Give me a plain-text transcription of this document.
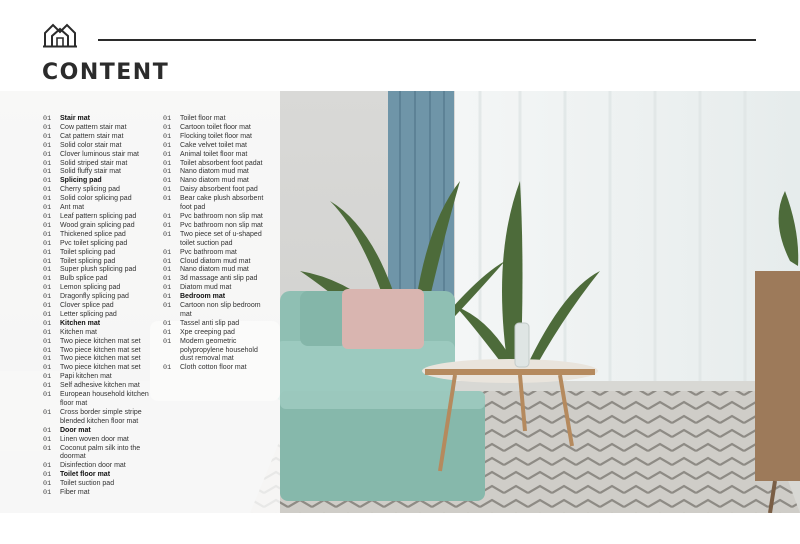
CONTENT
01	Stair mat
01	Cow pattern stair mat
01	Cat pattern stair mat
01	Solid color stair mat
01	Clover luminous stair mat
01	Solid striped stair mat
01	Solid fluffy stair mat
01	Splicing pad
01	Cherry splicing pad
01	Solid color splicing pad
01	Ant mat
01	Leaf pattern splicing pad
01	Wood grain splicing pad
01	Thickened splice pad
01	Pvc toilet splicing pad
01	Toilet splicing pad
01	Toilet splicing pad
01	Super plush splicing pad
01	Bulb splice pad
01	Lemon splicing pad
01	Dragonfly splicing pad
01	Clover splice pad
01	Letter splicing pad
01	Kitchen mat
01	Kitchen mat
01	Two piece kitchen mat set
01	Two piece kitchen mat set
01	Two piece kitchen mat set
01	Two piece kitchen mat set
01	Papi kitchen mat
01	Self adhesive kitchen mat
01	European household kitchen
floor mat
01	Cross border simple stripe
blended kitchen floor mat
01	Door mat
01	Linen woven door mat
01	Coconut palm silk into the
doormat
01	Disinfection door mat
01	Toilet floor mat
01	Toilet suction pad
01	Fiber mat
01	Toilet floor mat
01	Cartoon toilet floor mat
01	Flocking toilet floor mat
01	Cake velvet toilet mat
01	Animal toilet floor mat
01	Toilet absorbent foot padat
01	Nano diatom mud mat
01	Nano diatom mud mat
01	Daisy absorbent foot pad
01	Bear cake plush absorbent
foot pad
01	Pvc bathroom non slip mat
01	Pvc bathroom non slip mat
01	Two piece set of u-shaped
toilet suction pad
01	Pvc bathroom mat
01	Cloud diatom mud mat
01	Nano diatom mud mat
01	3d massage anti slip pad
01	Diatom mud mat
01	Bedroom mat
01	Cartoon non slip bedroom
mat
01	Tassel anti slip pad
01	Xpe creeping pad
01	Modern geometric
polypropylene household
dust removal mat
01	Cloth cotton floor mat
